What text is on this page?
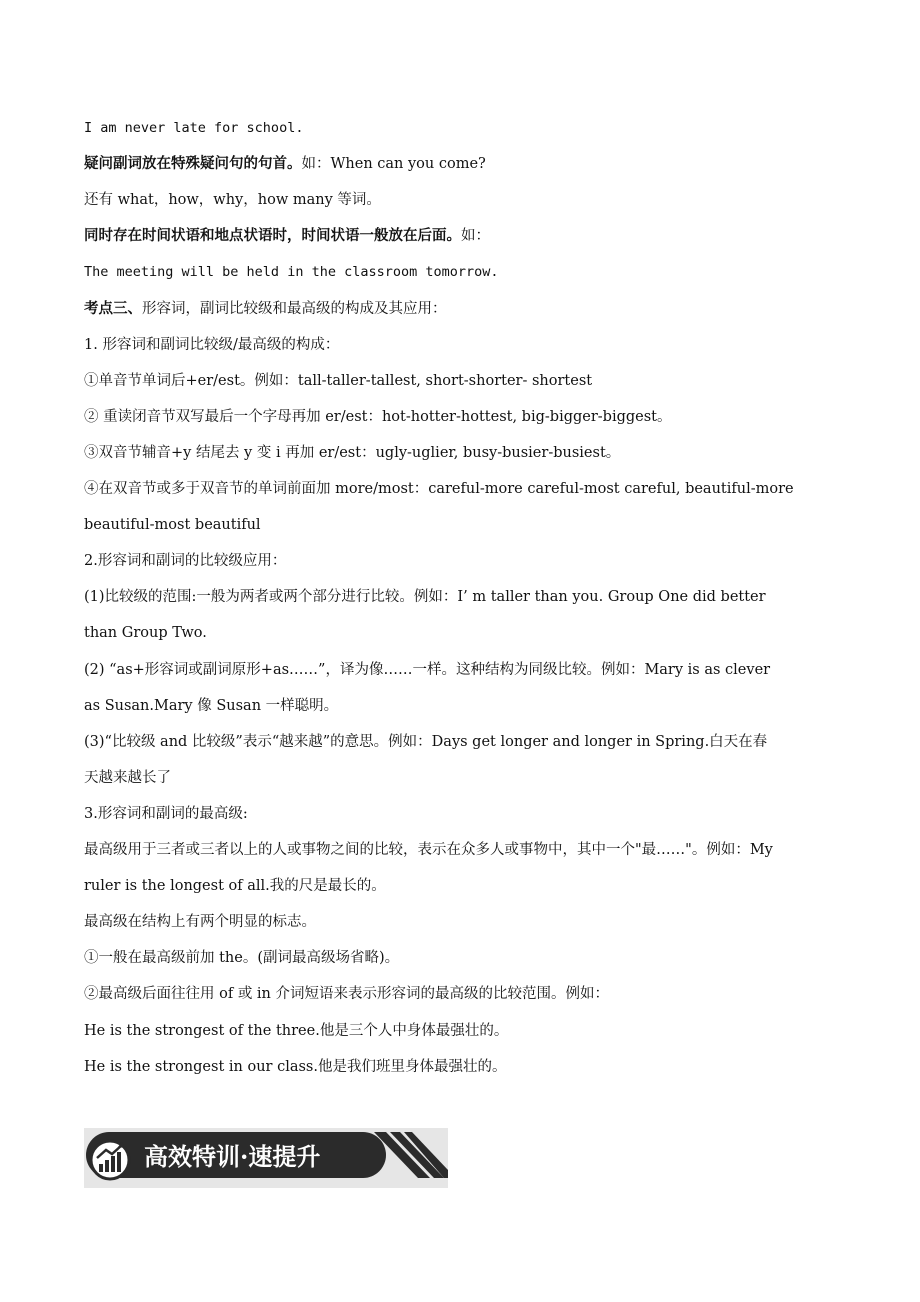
I am never late for school.
疑问副词放在特殊疑问句的句首。如：When can you come?
还有 what，how，why，how many 等词。
同时存在时间状语和地点状语时，时间状语一般放在后面。如：
The meeting will be held in the classroom tomorrow.
考点三、形容词，副词比较级和最高级的构成及其应用：
1. 形容词和副词比较级/最高级的构成：
①单音节单词后+er/est。例如：tall-taller-tallest, short-shorter- shortest
② 重读闭音节双写最后一个字母再加 er/est：hot-hotter-hottest, big-bigger-biggest。
③双音节辅音+y 结尾去 y 变 i 再加 er/est：ugly-uglier, busy-busier-busiest。
④在双音节或多于双音节的单词前面加 more/most：careful-more careful-most careful, beautiful-more
beautiful-most beautiful
2.形容词和副词的比较级应用：
(1)比较级的范围:一般为两者或两个部分进行比较。例如：I’ m taller than you. Group One did better
than Group Two.
(2) “as+形容词或副词原形+as……”，译为像……一样。这种结构为同级比较。例如：Mary is as clever
as Susan.Mary 像 Susan 一样聪明。
(3)“比较级 and 比较级”表示“越来越”的意思。例如：Days get longer and longer in Spring.白天在春
天越来越长了
3.形容词和副词的最高级:
最高级用于三者或三者以上的人或事物之间的比较，表示在众多人或事物中，其中一个"最……"。例如：My
ruler is the longest of all.我的尺是最长的。
最高级在结构上有两个明显的标志。
①一般在最高级前加 the。(副词最高级场省略)。
②最高级后面往往用 of 或 in 介词短语来表示形容词的最高级的比较范围。例如：
He is the strongest of the three.他是三个人中身体最强壮的。
He is the strongest in our class.他是我们班里身体最强壮的。
高效特训·速提升
